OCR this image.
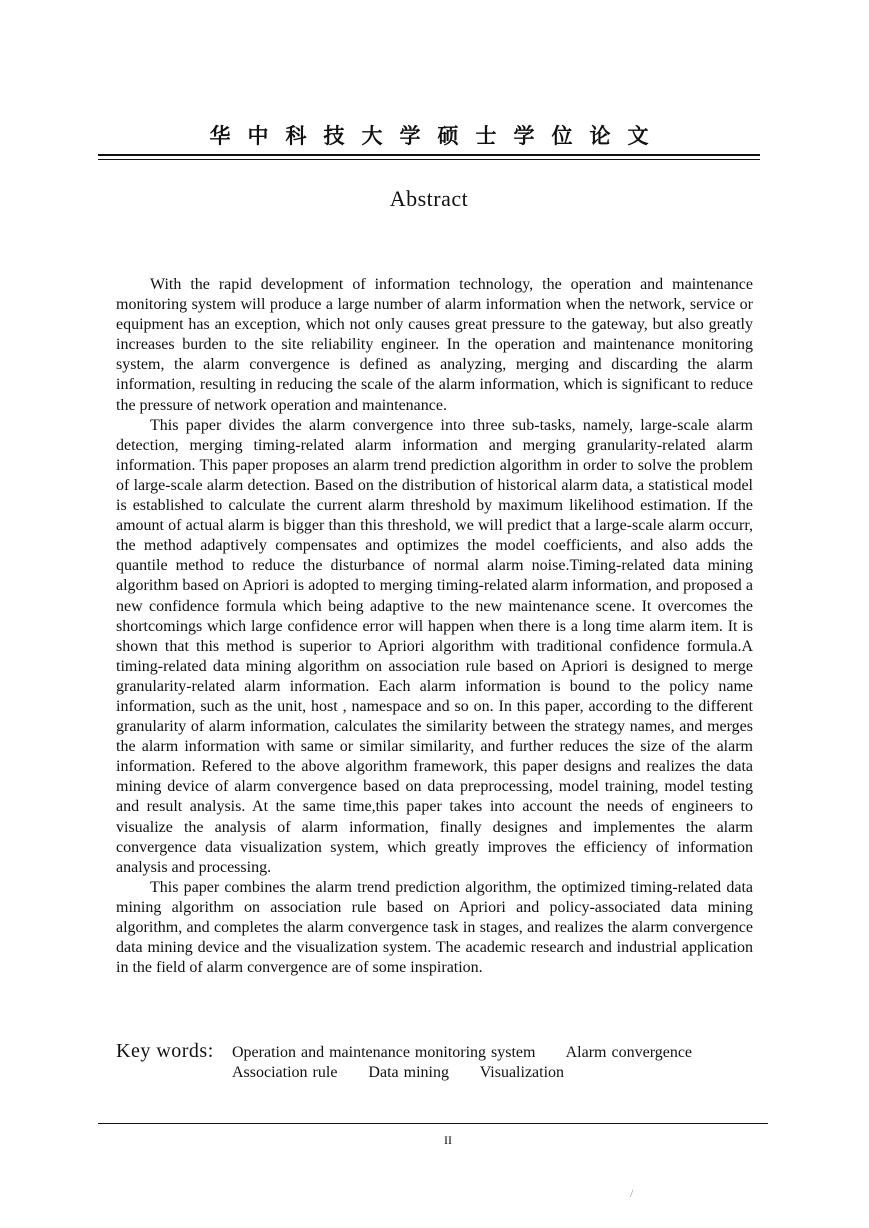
华中科技大学硕士学位论文
Abstract

With the rapid development of information technology, the operation and maintenance monitoring system will produce a large number of alarm information when the network, service or equipment has an exception, which not only causes great pressure to the gateway, but also greatly increases burden to the site reliability engineer. In the operation and maintenance monitoring system, the alarm convergence is defined as analyzing, merging and discarding the alarm information, resulting in reducing the scale of the alarm information, which is significant to reduce the pressure of network operation and maintenance.

This paper divides the alarm convergence into three sub-tasks, namely, large-scale alarm detection, merging timing-related alarm information and merging granularity-related alarm information. This paper proposes an alarm trend prediction algorithm in order to solve the problem of large-scale alarm detection. Based on the distribution of historical alarm data, a statistical model is established to calculate the current alarm threshold by maximum likelihood estimation. If the amount of actual alarm is bigger than this threshold, we will predict that a large-scale alarm occurr, the method adaptively compensates and optimizes the model coefficients, and also adds the quantile method to reduce the disturbance of normal alarm noise.Timing-related data mining algorithm based on Apriori is adopted to merging timing-related alarm information, and proposed a new confidence formula which being adaptive to the new maintenance scene. It overcomes the shortcomings which large confidence error will happen when there is a long time alarm item. It is shown that this method is superior to Apriori algorithm with traditional confidence formula.A timing-related data mining algorithm on association rule based on Apriori is designed to merge granularity-related alarm information. Each alarm information is bound to the policy name information, such as the unit, host , namespace and so on. In this paper, according to the different granularity of alarm information, calculates the similarity between the strategy names, and merges the alarm information with same or similar similarity, and further reduces the size of the alarm information. Refered to the above algorithm framework, this paper designs and realizes the data mining device of alarm convergence based on data preprocessing, model training, model testing and result analysis. At the same time,this paper takes into account the needs of engineers to visualize the analysis of alarm information, finally designes and implementes the alarm convergence data visualization system, which greatly improves the efficiency of information analysis and processing.

This paper combines the alarm trend prediction algorithm, the optimized timing-related data mining algorithm on association rule based on Apriori and policy-associated data mining algorithm, and completes the alarm convergence task in stages, and realizes the alarm convergence data mining device and the visualization system. The academic research and industrial application in the field of alarm convergence are of some inspiration.

Key words: Operation and maintenance monitoring system Alarm convergence
Association rule Data mining Visualization
II
/
